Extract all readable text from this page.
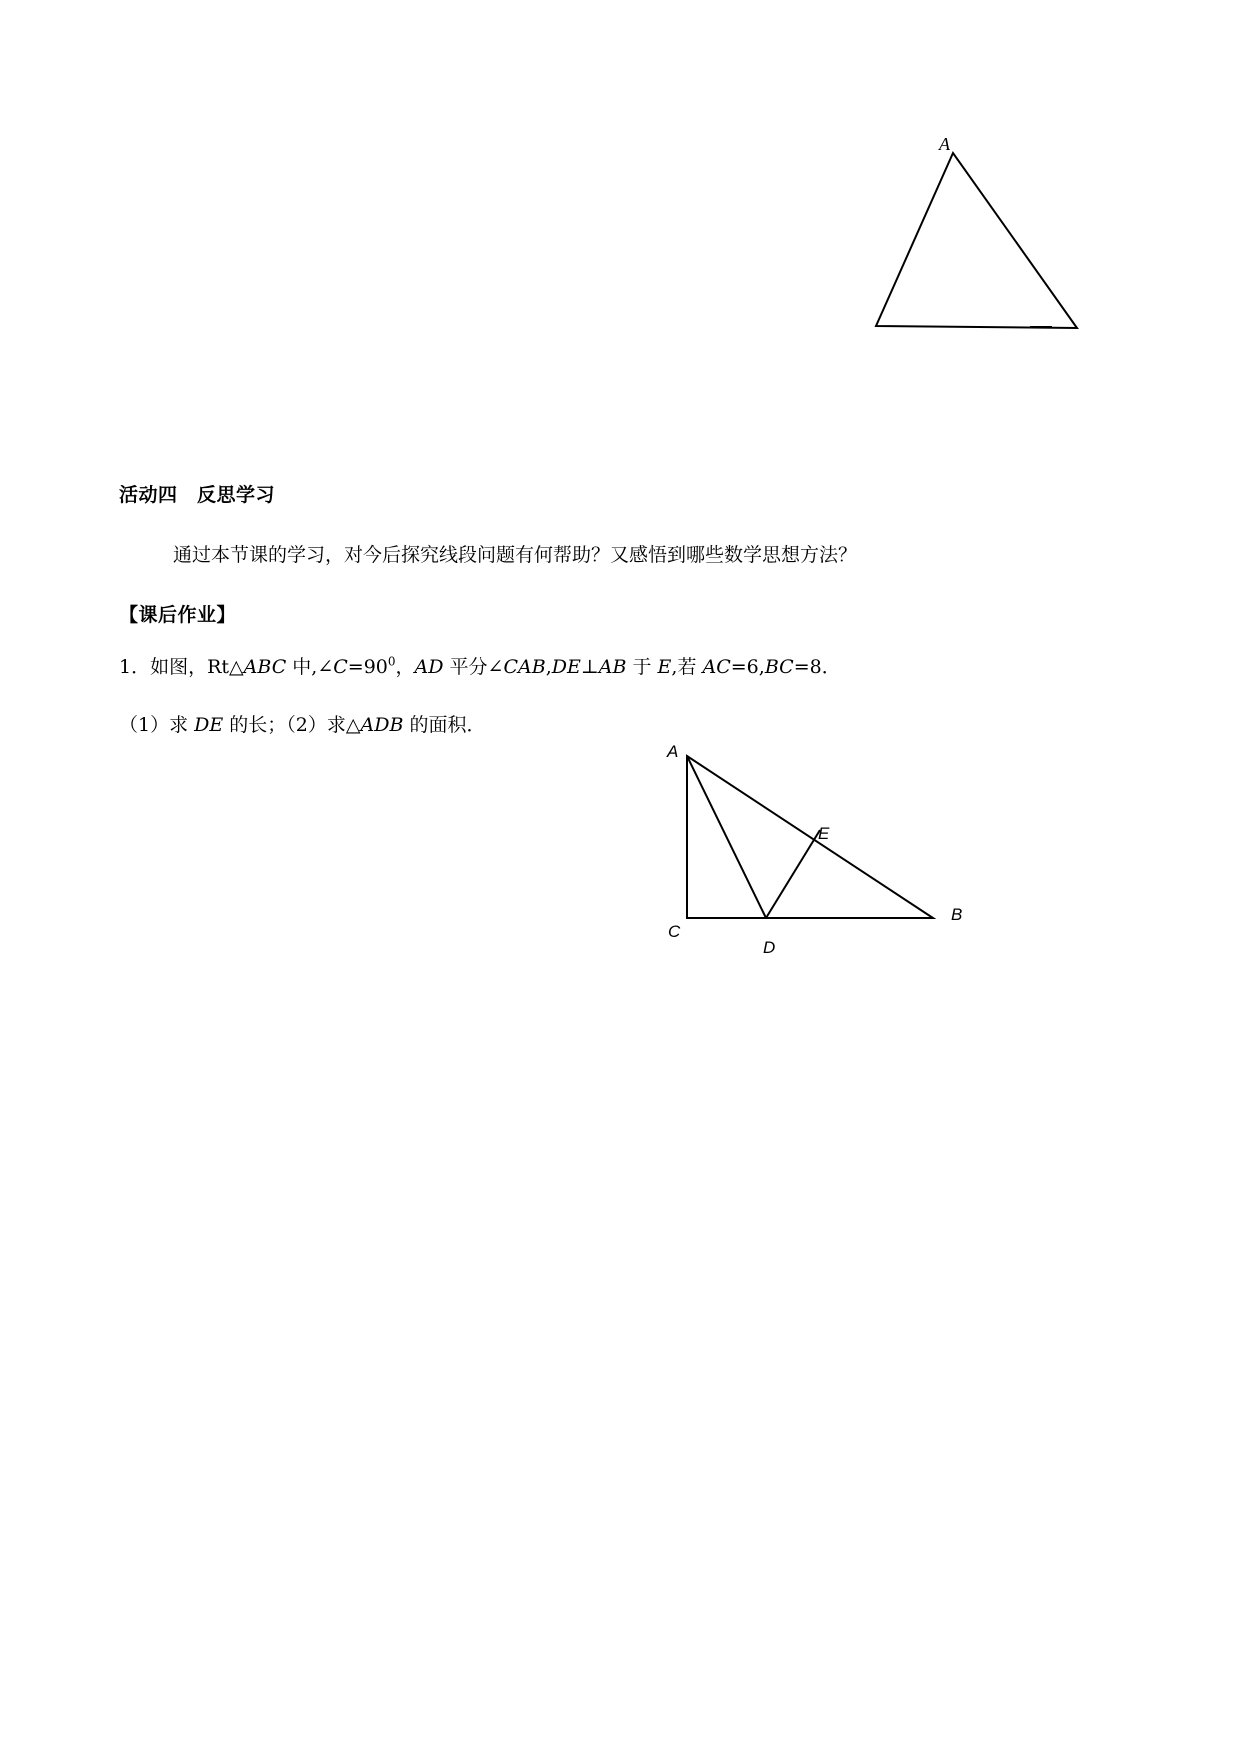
A
活动四　反思学习
通过本节课的学习，对今后探究线段问题有何帮助？又感悟到哪些数学思想方法？
【课后作业】
1．如图，Rt△ABC 中$,\angle C=90^0$，AD 平分∠CAB,DE⊥AB 于 E,若 AC=6,BC=8．
（1）求 DE 的长；（2）求△ADB 的面积．
A
E
B
C
D
